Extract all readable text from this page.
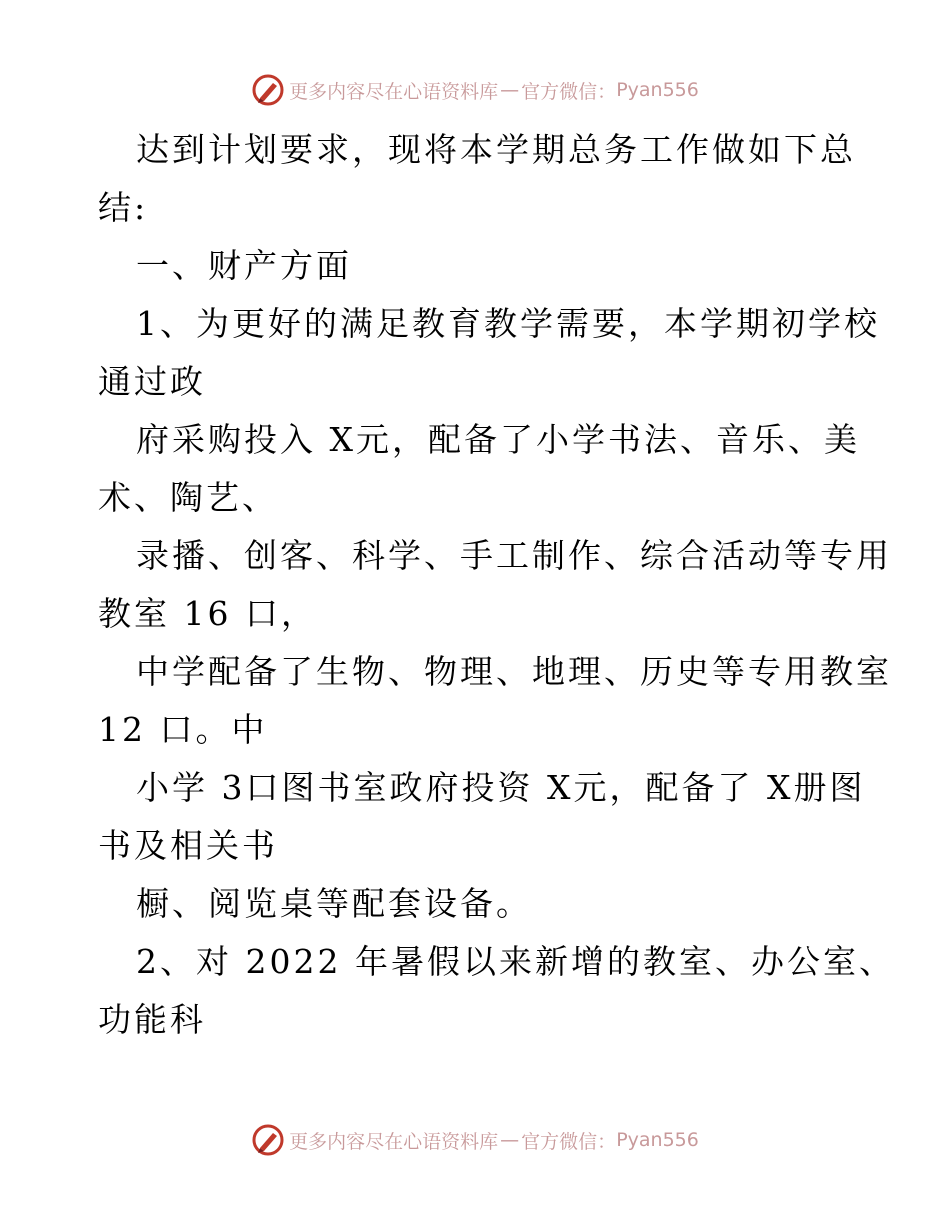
更多内容尽在心语资料库 — 官方微信： Pyan556
达到计划要求，现将本学期总务工作做如下总
结:
一、财产方面
1、为更好的满足教育教学需要，本学期初学校
通过政
府采购投入 X元，配备了小学书法、音乐、美
术、陶艺、
录播、创客、科学、手工制作、综合活动等专用
教室 16 口，
中学配备了生物、物理、地理、历史等专用教室
12 口。中
小学 3口图书室政府投资 X元，配备了 X册图
书及相关书
橱、阅览桌等配套设备。
2、对 2022 年暑假以来新增的教室、办公室、
功能科
更多内容尽在心语资料库 — 官方微信： Pyan556
